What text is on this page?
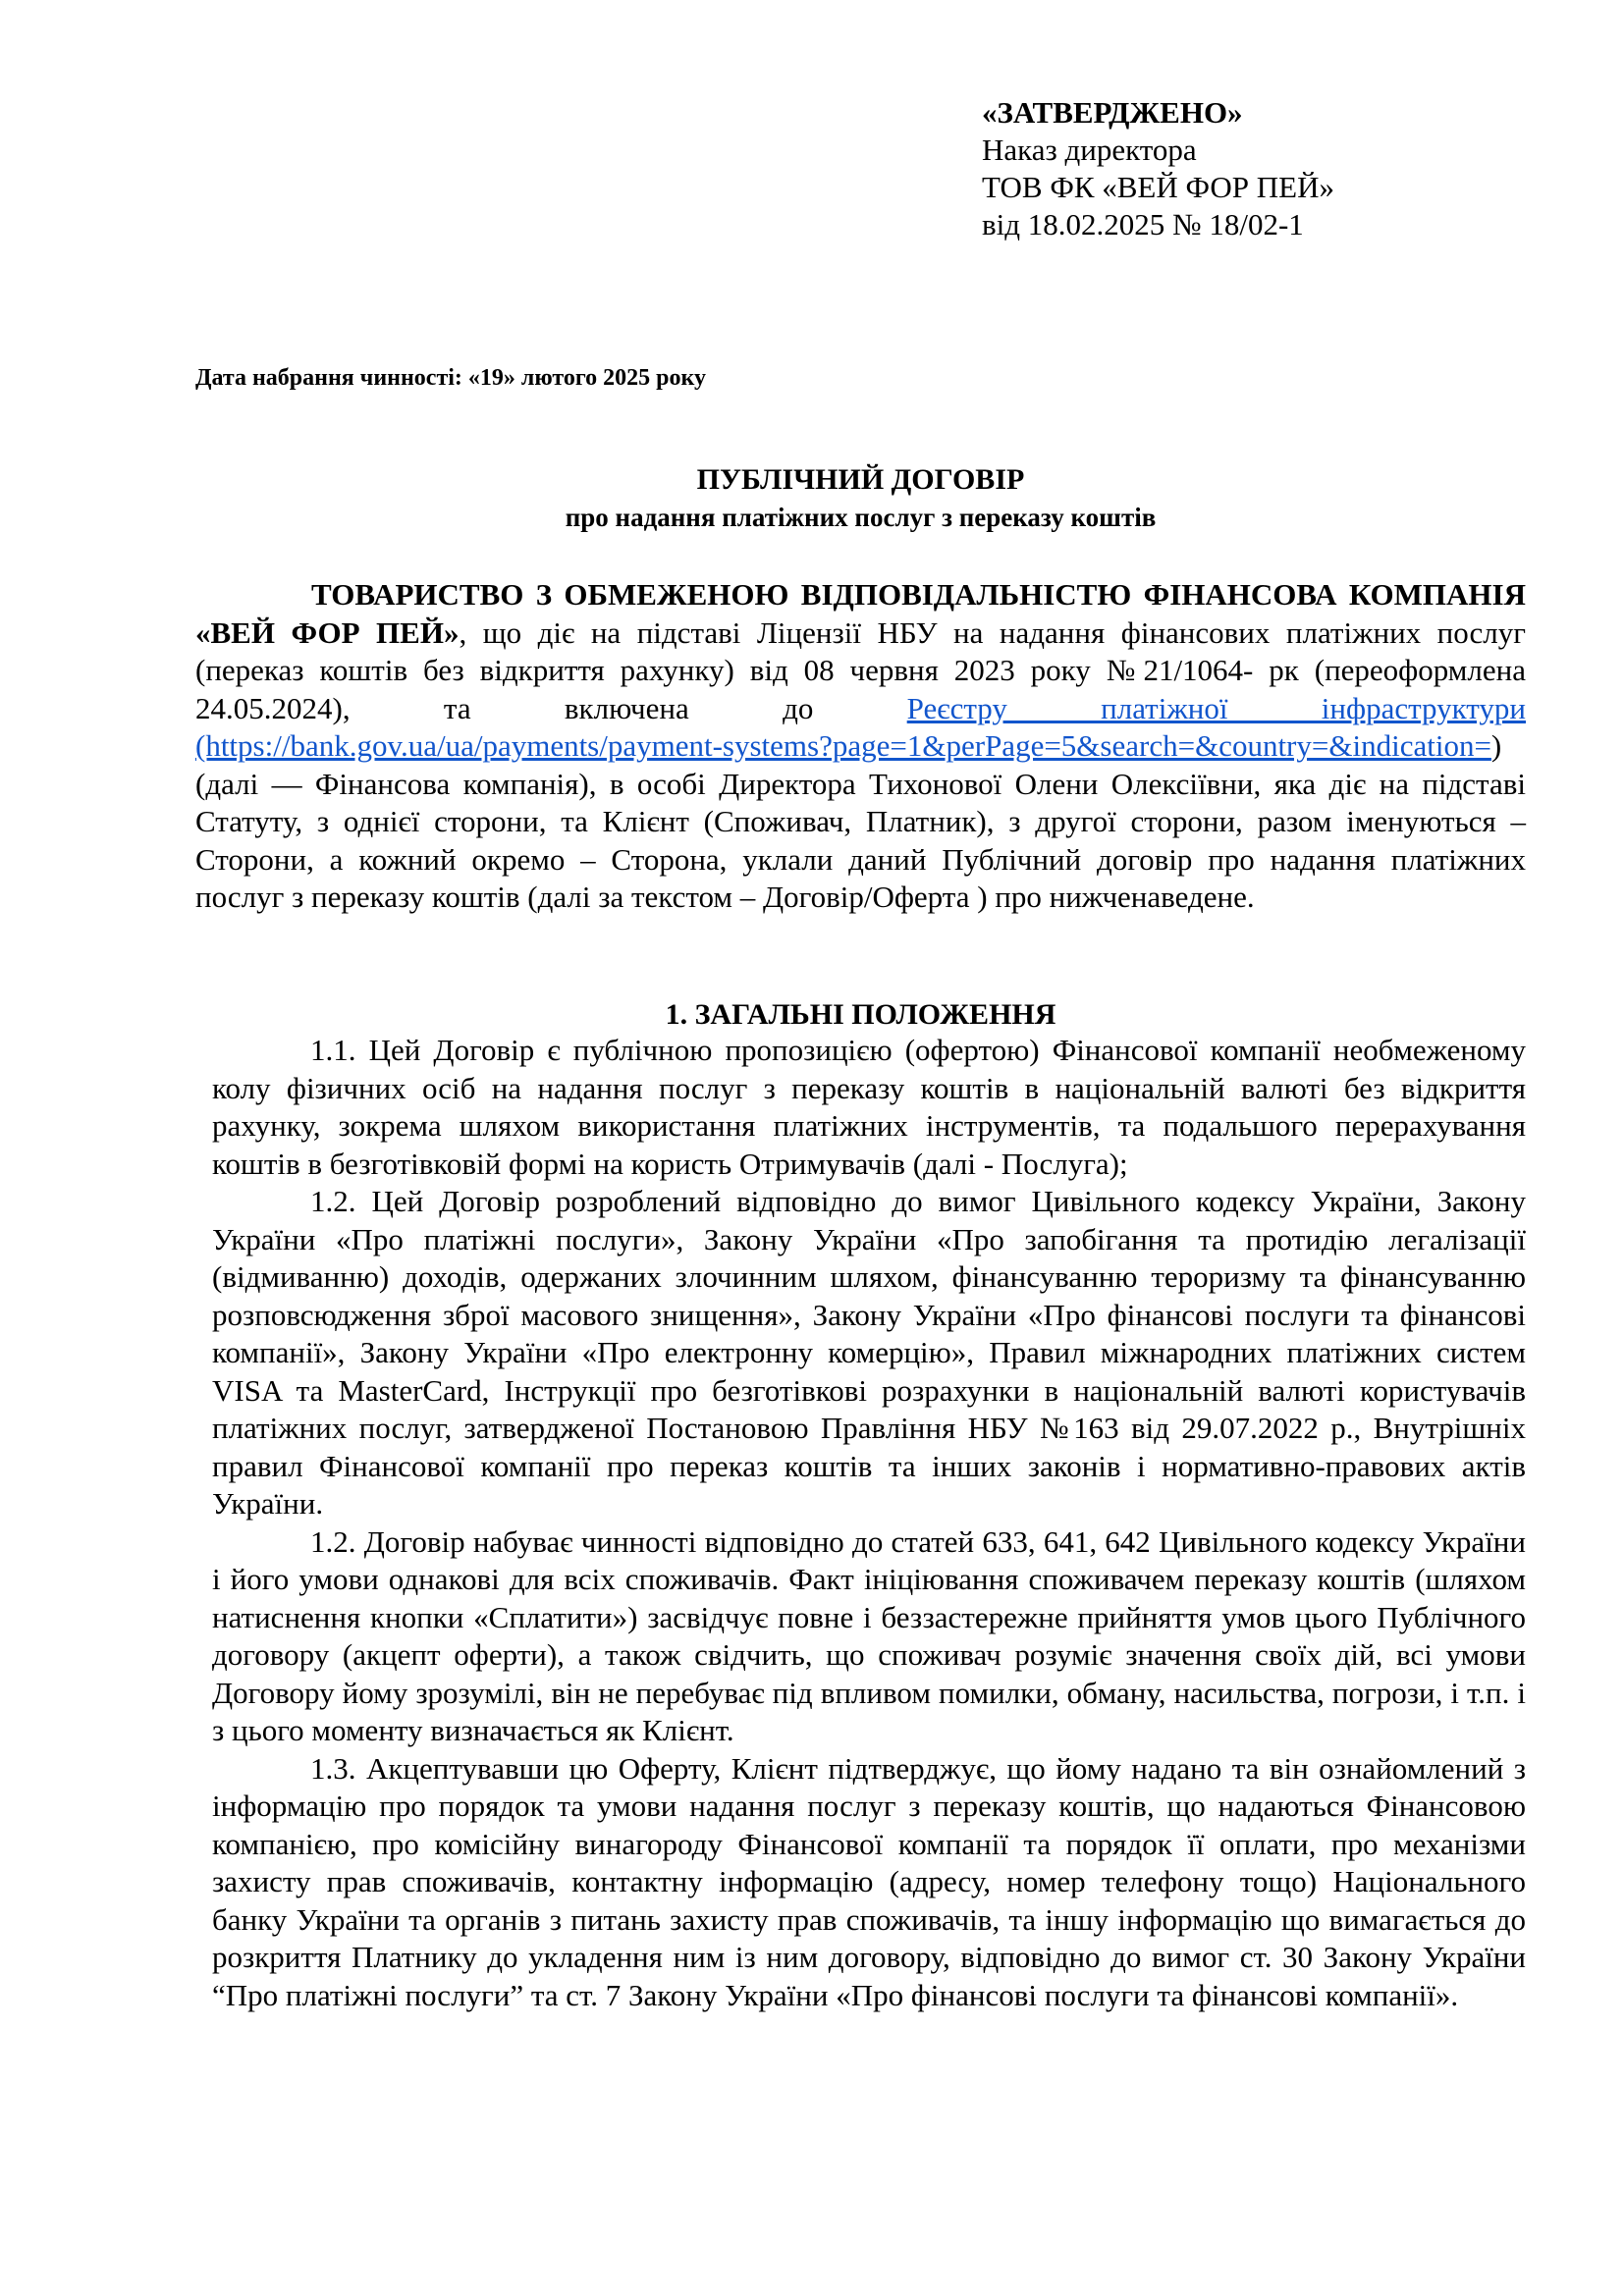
«ЗАТВЕРДЖЕНО»
Наказ директора
ТОВ ФК «ВЕЙ ФОР ПЕЙ»
від 18.02.2025 № 18/02-1
Дата набрання чинності: «19» лютого 2025 року
ПУБЛІЧНИЙ ДОГОВІР
про надання платіжних послуг з переказу коштів

ТОВАРИСТВО З ОБМЕЖЕНОЮ ВІДПОВІДАЛЬНІСТЮ ФІНАНСОВА КОМПАНІЯ «ВЕЙ ФОР ПЕЙ», що діє на підставі Ліцензії НБУ на надання фінансових платіжних послуг (переказ коштів без відкриття рахунку) від 08 червня 2023 року №21/1064- рк (переоформлена 24.05.2024), та включена до Реєстру платіжної інфраструктури (https://bank.gov.ua/ua/payments/payment-systems?page=1&perPage=5&search=&country=&indication=) (далі — Фінансова компанія), в особі Директора Тихонової Олени Олексіївни, яка діє на підставі Статуту, з однієї сторони, та Клієнт (Споживач, Платник), з другої сторони, разом іменуються – Сторони, а кожний окремо – Сторона, уклали даний Публічний договір про надання платіжних послуг з переказу коштів (далі за текстом – Договір/Оферта ) про нижченаведене.

1. ЗАГАЛЬНІ ПОЛОЖЕННЯ

1.1. Цей Договір є публічною пропозицією (офертою) Фінансової компанії необмеженому колу фізичних осіб на надання послуг з переказу коштів в національній валюті без відкриття рахунку, зокрема шляхом використання платіжних інструментів, та подальшого перерахування коштів в безготівковій формі на користь Отримувачів (далі - Послуга);

1.2. Цей Договір розроблений відповідно до вимог Цивільного кодексу України, Закону України «Про платіжні послуги», Закону України «Про запобігання та протидію легалізації (відмиванню) доходів, одержаних злочинним шляхом, фінансуванню тероризму та фінансуванню розповсюдження зброї масового знищення», Закону України «Про фінансові послуги та фінансові компанії», Закону України «Про електронну комерцію», Правил міжнародних платіжних систем VISA та MasterCard, Інструкції про безготівкові розрахунки в національній валюті користувачів платіжних послуг, затвердженої Постановою Правління НБУ №163 від 29.07.2022 р., Внутрішніх правил Фінансової компанії про переказ коштів та інших законів і нормативно-правових актів України.

1.2. Договір набуває чинності відповідно до статей 633, 641, 642 Цивільного кодексу України і його умови однакові для всіх споживачів. Факт ініціювання споживачем переказу коштів (шляхом натиснення кнопки «Сплатити») засвідчує повне і беззастережне прийняття умов цього Публічного договору (акцепт оферти), а також свідчить, що споживач розуміє значення своїх дій, всі умови Договору йому зрозумілі, він не перебуває під впливом помилки, обману, насильства, погрози, і т.п. і з цього моменту визначається як Клієнт.

1.3. Акцептувавши цю Оферту, Клієнт підтверджує, що йому надано та він ознайомлений з інформацію про порядок та умови надання послуг з переказу коштів, що надаються Фінансовою компанією, про комісійну винагороду Фінансової компанії та порядок її оплати, про механізми захисту прав споживачів, контактну інформацію (адресу, номер телефону тощо) Національного банку України та органів з питань захисту прав споживачів, та іншу інформацію що вимагається до розкриття Платнику до укладення ним із ним договору, відповідно до вимог ст. 30 Закону України “Про платіжні послуги” та ст. 7 Закону України «Про фінансові послуги та фінансові компанії».
